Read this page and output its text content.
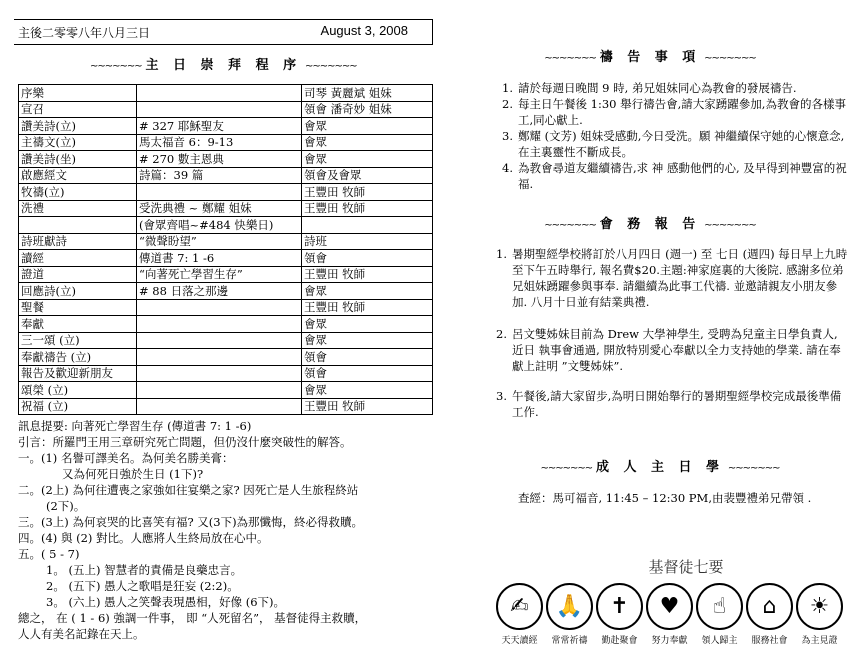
主後二零零八年八月三日	August 3, 2008
~~~~~~~ 主 日 崇 拜 程 序 ~~~~~~~
序樂		司琴 黃麗斌 姐妹
宣召		領會 潘奇妙 姐妹
讚美詩(立)	# 327 耶穌聖友	會眾
主禱文(立)	馬太福音 6：9-13	會眾
讚美詩(坐)	# 270 數主恩典	會眾
啟應經文	詩篇：39 篇	領會及會眾
牧禱(立)		王豐田 牧師
洗禮	受洗典禮 ~ 鄭耀 姐妹	王豐田 牧師
	(會眾齊唱~#484 快樂日)	
詩班獻詩	“微聲盼望”	詩班
讀經	傳道書 7: 1 -6	領會
證道	“向著死亡學習生存”	王豐田 牧師
回應詩(立)	# 88 日落之那邊	會眾
聖餐		王豐田 牧師
奉獻		會眾
三一頌 (立)		會眾
奉獻禱告 (立)		領會
報告及歡迎新朋友		領會
頌榮 (立)		會眾
祝福 (立)		王豐田 牧師
訊息提要: 向著死亡學習生存 (傳道書 7: 1 -6)
引言：所羅門王用三章研究死亡問題，但仍沒什麼突破性的解答。
一。(1) 名譽可譯美名。為何美名勝美膏：
又為何死日強於生日 (1下)?
二。(2上) 為何往遭喪之家強如往宴樂之家? 因死亡是人生旅程終站
(2下)。
三。(3上) 為何哀哭的比喜笑有福? 又(3下)為那懺悔，終必得救贖。
四。(4) 與 (2) 對比。人應將人生終局放在心中。
五。( 5 - 7)
1。 (五上) 智慧者的責備是良藥忠言。
2。 (五下) 愚人之歌唱是狂妄 (2:2)。
3。 (六上) 愚人之笑聲表現愚相，好像 (6下)。
總之， 在 ( 1 - 6) 強調一件事， 即 “人死留名”， 基督徒得主救贖，
人人有美名記錄在天上。
~~~~~~~ 禱 告 事 項 ~~~~~~~
1. 請於每週日晚間 9 時, 弟兄姐妹同心為教會的發展禱告.
2. 每主日午餐後 1:30 舉行禱告會,請大家踴躍參加,為教會的各樣事工,同心獻上.
3. 鄭耀 (文芳) 姐妹受感動,今日受洗。願 神繼續保守她的心懷意念,在主裏靈性不斷成長。
4. 為教會尋道友繼續禱告,求 神 感動他們的心, 及早得到神豐富的祝福.
~~~~~~~ 會 務 報 告 ~~~~~~~
1. 暑期聖經學校將訂於八月四日 (週一) 至 七日 (週四) 每日早上九時至下午五時舉行, 報名費$20.主題:神家庭裏的大後院. 感謝多位弟兄姐妹踴躍參與事奉. 請繼續為此事工代禱. 並邀請親友小朋友參加. 八月十日並有結業典禮.
2. 呂文雙姊妹目前為 Drew 大學神學生, 受聘為兒童主日學負責人, 近日 執事會通過, 開放特別愛心奉獻以全力支持她的學業. 請在奉獻上註明 ”文雙姊妹”.
3. 午餐後,請大家留步,為明日開始舉行的暑期聖經學校完成最後準備工作.
~~~~~~~ 成 人 主 日 學 ~~~~~~~
查經：馬可福音, 11:45 – 12:30 PM,由裴豐禮弟兄帶領 .
基督徒七要
✍	🙏	✝	♥	☝	⌂	☀
天天讀經	常常祈禱	勤赴聚會	努力奉獻	領人歸主	服務社會	為主見證
